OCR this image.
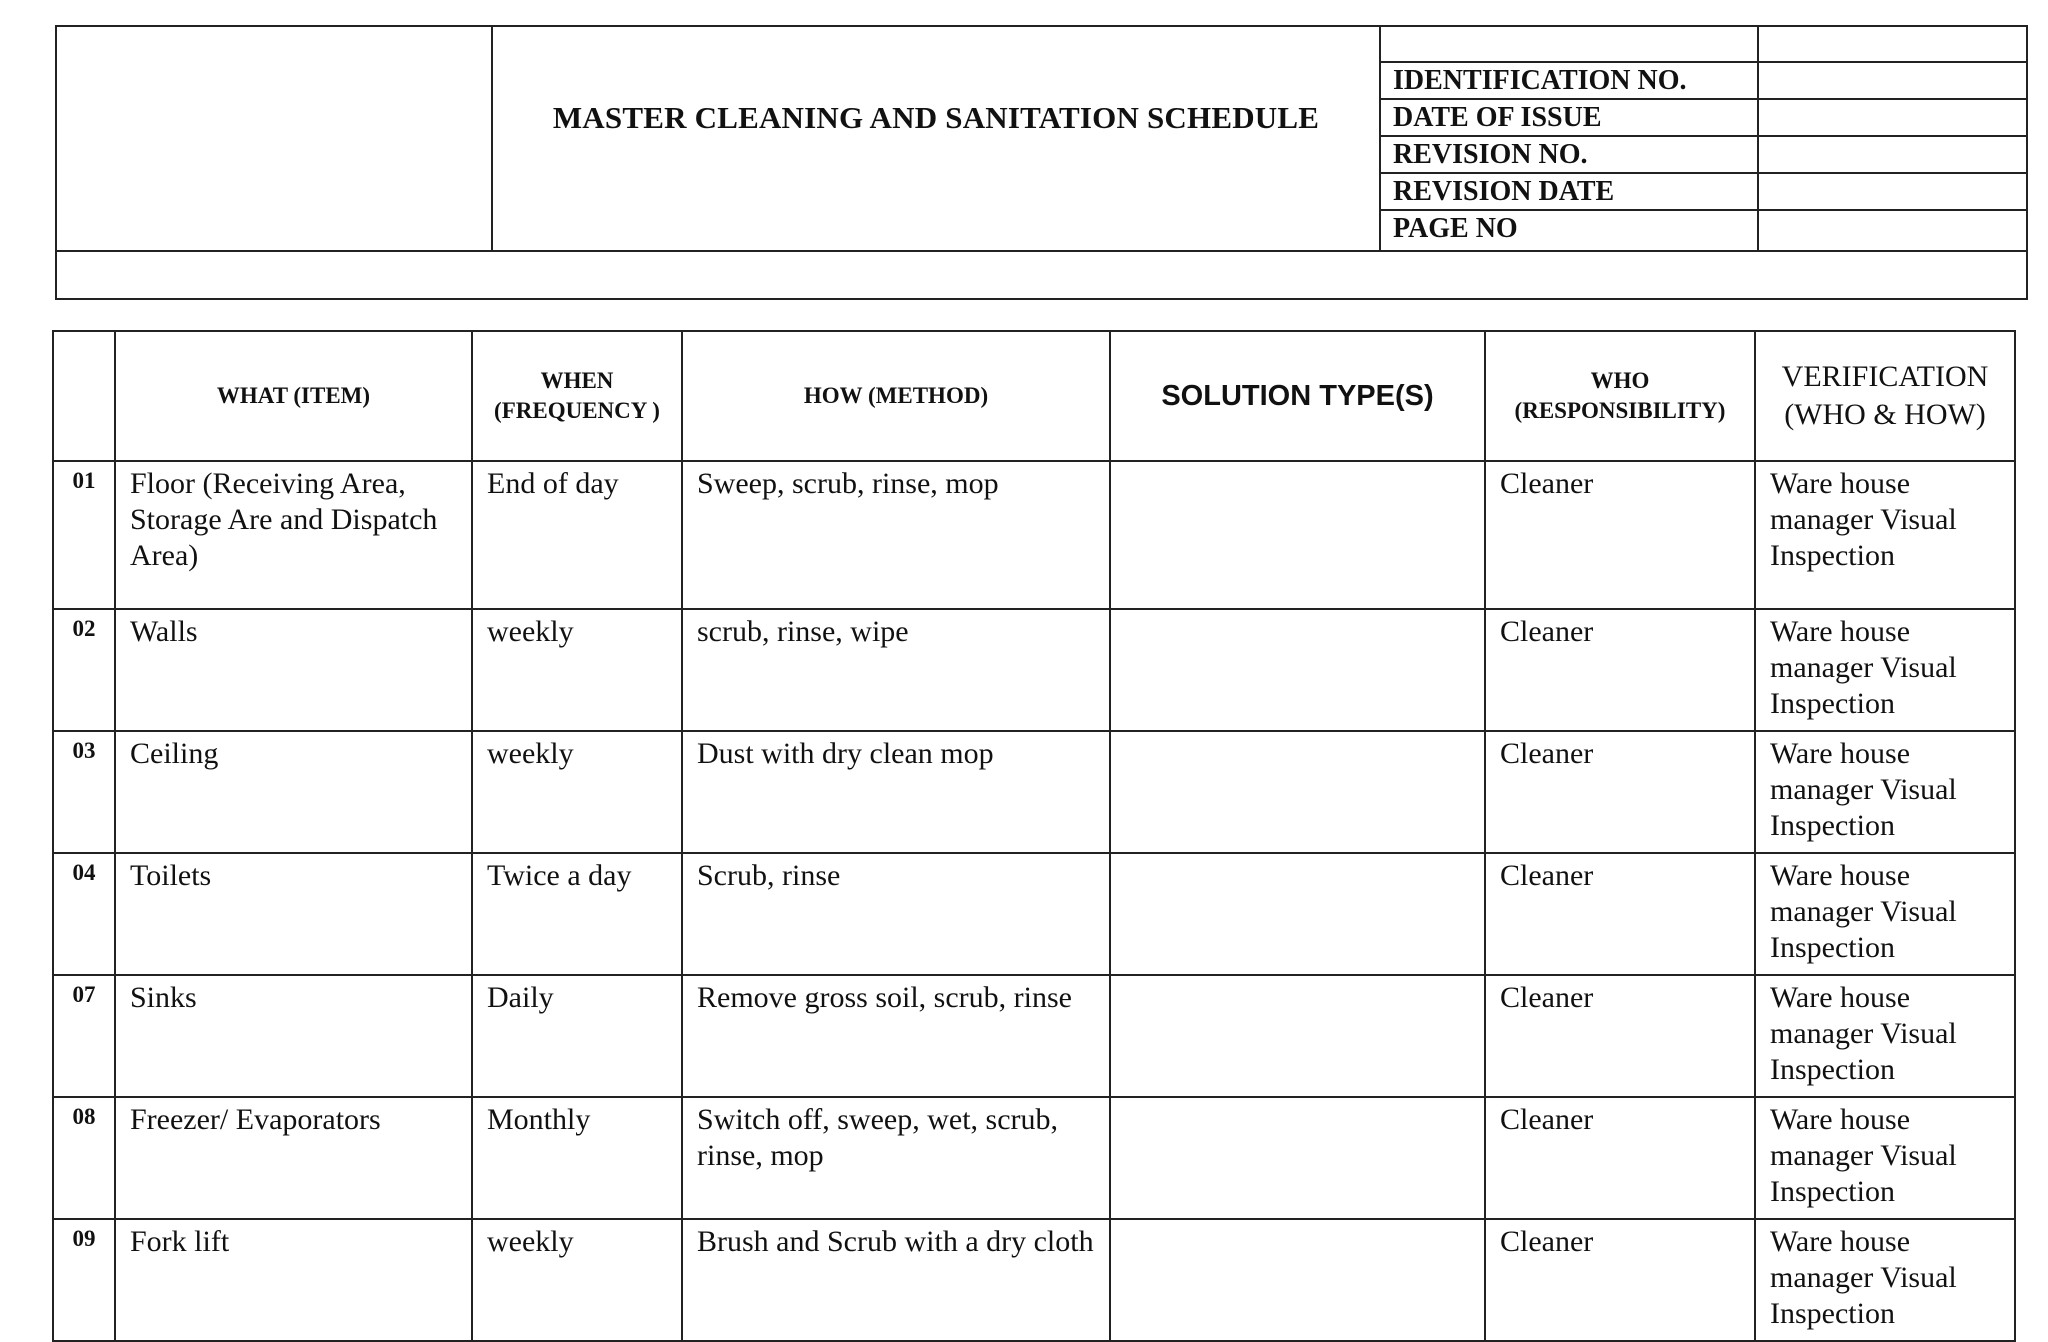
MASTER CLEANING AND SANITATION SCHEDULE
IDENTIFICATION NO.
DATE OF ISSUE
REVISION NO.
REVISION DATE
PAGE NO
	WHAT (ITEM)	WHEN (FREQUENCY )	HOW (METHOD)	SOLUTION TYPE(S)	WHO (RESPONSIBILITY)	VERIFICATION (WHO & HOW)
01	Floor (Receiving Area, Storage Are and Dispatch Area)	End of day	Sweep, scrub, rinse, mop		Cleaner	Ware house manager Visual Inspection
02	Walls	weekly	scrub, rinse, wipe		Cleaner	Ware house manager Visual Inspection
03	Ceiling	weekly	Dust with dry clean mop		Cleaner	Ware house manager Visual Inspection
04	Toilets	Twice a day	Scrub, rinse		Cleaner	Ware house manager Visual Inspection
07	Sinks	Daily	Remove gross soil, scrub, rinse		Cleaner	Ware house manager Visual Inspection
08	Freezer/ Evaporators	Monthly	Switch off, sweep, wet, scrub, rinse, mop		Cleaner	Ware house manager Visual Inspection
09	Fork lift	weekly	Brush and Scrub with a dry cloth		Cleaner	Ware house manager Visual Inspection
